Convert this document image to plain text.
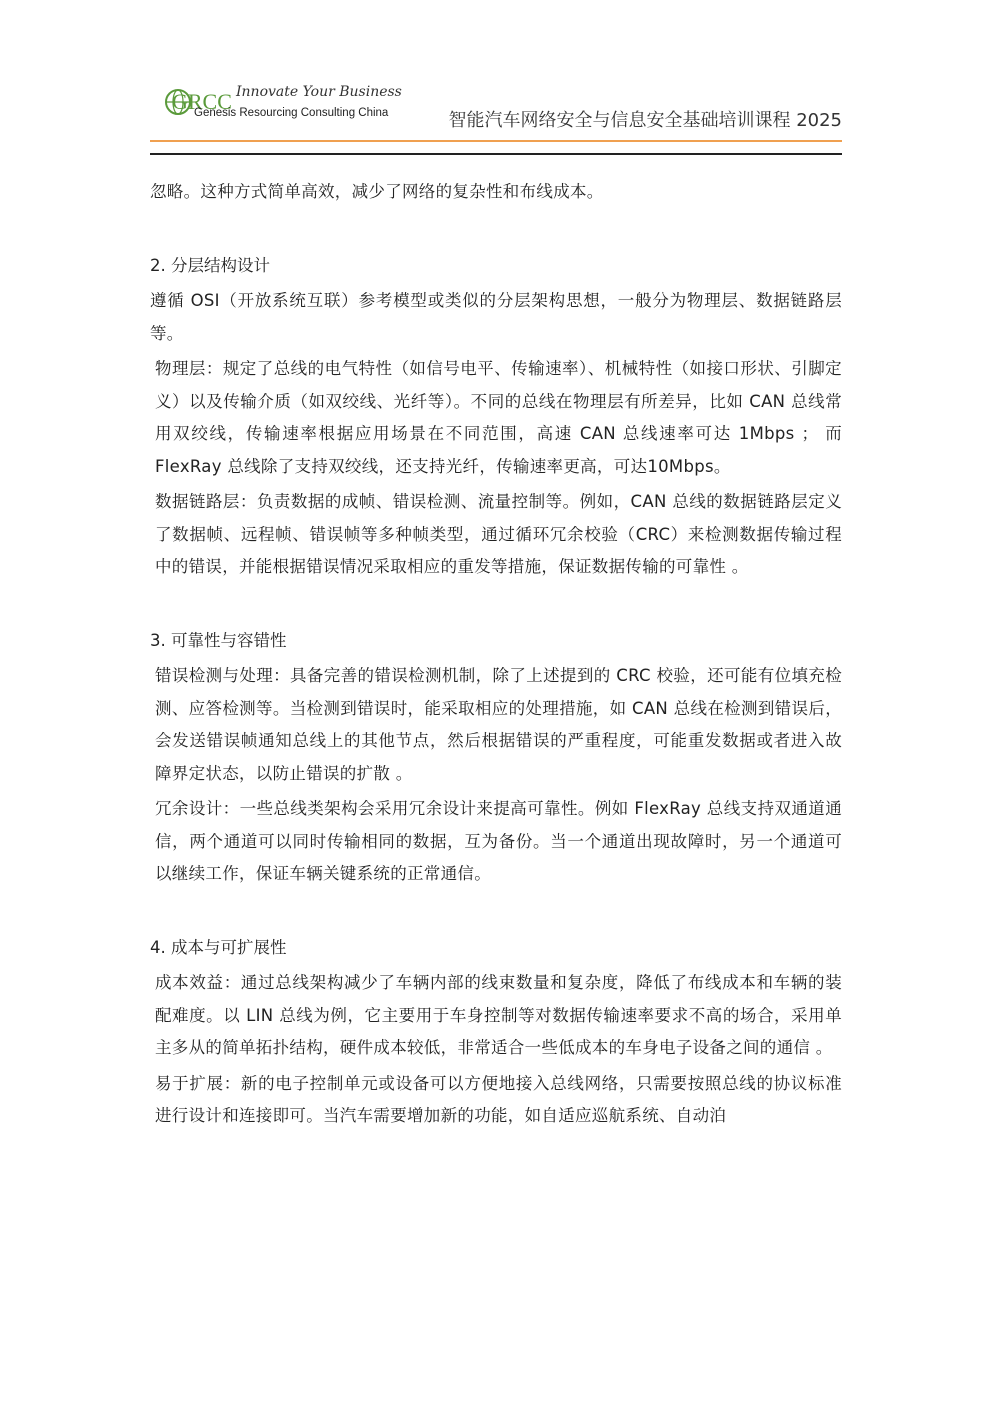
GRCC Innovate Your Business
Genesis Resourcing Consulting China	智能汽车网络安全与信息安全基础培训课程 2025

忽略。这种方式简单高效，减少了网络的复杂性和布线成本。

2. 分层结构设计

遵循 OSI（开放系统互联）参考模型或类似的分层架构思想，一般分为物理层、数据链路层等。

物理层：规定了总线的电气特性（如信号电平、传输速率）、机械特性（如接口形状、引脚定义）以及传输介质（如双绞线、光纤等）。不同的总线在物理层有所差异，比如 CAN 总线常用双绞线，传输速率根据应用场景在不同范围，高速 CAN 总线速率可达 1Mbps ； 而 FlexRay 总线除了支持双绞线，还支持光纤，传输速率更高，可达10Mbps。

数据链路层：负责数据的成帧、错误检测、流量控制等。例如，CAN 总线的数据链路层定义了数据帧、远程帧、错误帧等多种帧类型，通过循环冗余校验（CRC）来检测数据传输过程中的错误，并能根据错误情况采取相应的重发等措施，保证数据传输的可靠性 。

3. 可靠性与容错性

错误检测与处理：具备完善的错误检测机制，除了上述提到的 CRC 校验，还可能有位填充检测、应答检测等。当检测到错误时，能采取相应的处理措施，如 CAN 总线在检测到错误后，会发送错误帧通知总线上的其他节点，然后根据错误的严重程度，可能重发数据或者进入故障界定状态，以防止错误的扩散 。

冗余设计：一些总线类架构会采用冗余设计来提高可靠性。例如 FlexRay 总线支持双通道通信，两个通道可以同时传输相同的数据，互为备份。当一个通道出现故障时，另一个通道可以继续工作，保证车辆关键系统的正常通信。

4. 成本与可扩展性

成本效益：通过总线架构减少了车辆内部的线束数量和复杂度，降低了布线成本和车辆的装配难度。以 LIN 总线为例，它主要用于车身控制等对数据传输速率要求不高的场合，采用单主多从的简单拓扑结构，硬件成本较低，非常适合一些低成本的车身电子设备之间的通信 。

易于扩展：新的电子控制单元或设备可以方便地接入总线网络，只需要按照总线的协议标准进行设计和连接即可。当汽车需要增加新的功能，如自适应巡航系统、自动泊
